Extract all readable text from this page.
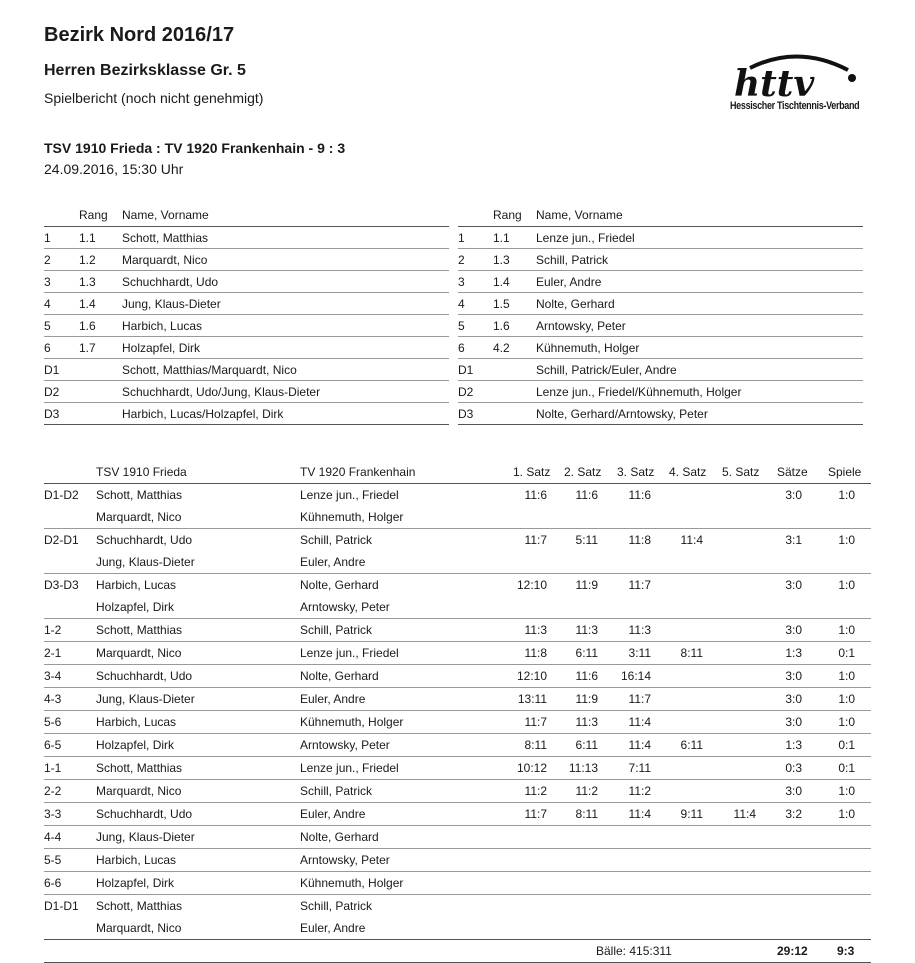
Bezirk Nord 2016/17
Herren Bezirksklasse Gr. 5
Spielbericht (noch nicht genehmigt)
TSV 1910 Frieda : TV 1920 Frankenhain - 9 : 3
24.09.2016, 15:30 Uhr
httv
Hessischer Tischtennis-Verband
Rang Name, Vorname
1 1.1 Schott, Matthias
2 1.2 Marquardt, Nico
3 1.3 Schuchhardt, Udo
4 1.4 Jung, Klaus-Dieter
5 1.6 Harbich, Lucas
6 1.7 Holzapfel, Dirk
D1	Schott, Matthias/Marquardt, Nico
D2	Schuchhardt, Udo/Jung, Klaus-Dieter
D3	Harbich, Lucas/Holzapfel, Dirk
Rang Name, Vorname
1 1.1 Lenze jun., Friedel
2 1.3 Schill, Patrick
3 1.4 Euler, Andre
4 1.5 Nolte, Gerhard
5 1.6 Arntowsky, Peter
6 4.2 Kühnemuth, Holger
D1	Schill, Patrick/Euler, Andre
D2	Lenze jun., Friedel/Kühnemuth, Holger
D3	Nolte, Gerhard/Arntowsky, Peter
TSV 1910 Frieda	TV 1920 Frankenhain	1. Satz 2. Satz 3. Satz 4. Satz 5. Satz Sätze Spiele
D1-D2 Schott, Matthias	Lenze jun., Friedel	11:6	11:6	11:6	3:0	1:0
Marquardt, Nico	Kühnemuth, Holger
D2-D1 Schuchhardt, Udo	Schill, Patrick	11:7	5:11	11:8	11:4	3:1	1:0
Jung, Klaus-Dieter	Euler, Andre
D3-D3 Harbich, Lucas	Nolte, Gerhard	12:10	11:9	11:7	3:0	1:0
Holzapfel, Dirk	Arntowsky, Peter
1-2	Schott, Matthias	Schill, Patrick	11:3	11:3	11:3	3:0	1:0
2-1	Marquardt, Nico	Lenze jun., Friedel	11:8	6:11	3:11	8:11	1:3	0:1
3-4	Schuchhardt, Udo	Nolte, Gerhard	12:10	11:6	16:14	3:0	1:0
4-3	Jung, Klaus-Dieter	Euler, Andre	13:11	11:9	11:7	3:0	1:0
5-6	Harbich, Lucas	Kühnemuth, Holger	11:7	11:3	11:4	3:0	1:0
6-5	Holzapfel, Dirk	Arntowsky, Peter	8:11	6:11	11:4	6:11	1:3	0:1
1-1	Schott, Matthias	Lenze jun., Friedel	10:12	11:13	7:11	0:3	0:1
2-2	Marquardt, Nico	Schill, Patrick	11:2	11:2	11:2	3:0	1:0
3-3	Schuchhardt, Udo	Euler, Andre	11:7	8:11	11:4	9:11	11:4	3:2	1:0
4-4	Jung, Klaus-Dieter	Nolte, Gerhard
5-5	Harbich, Lucas	Arntowsky, Peter
6-6	Holzapfel, Dirk	Kühnemuth, Holger
D1-D1 Schott, Matthias	Schill, Patrick
Marquardt, Nico	Euler, Andre
Bälle: 415:311	29:12 9:3
